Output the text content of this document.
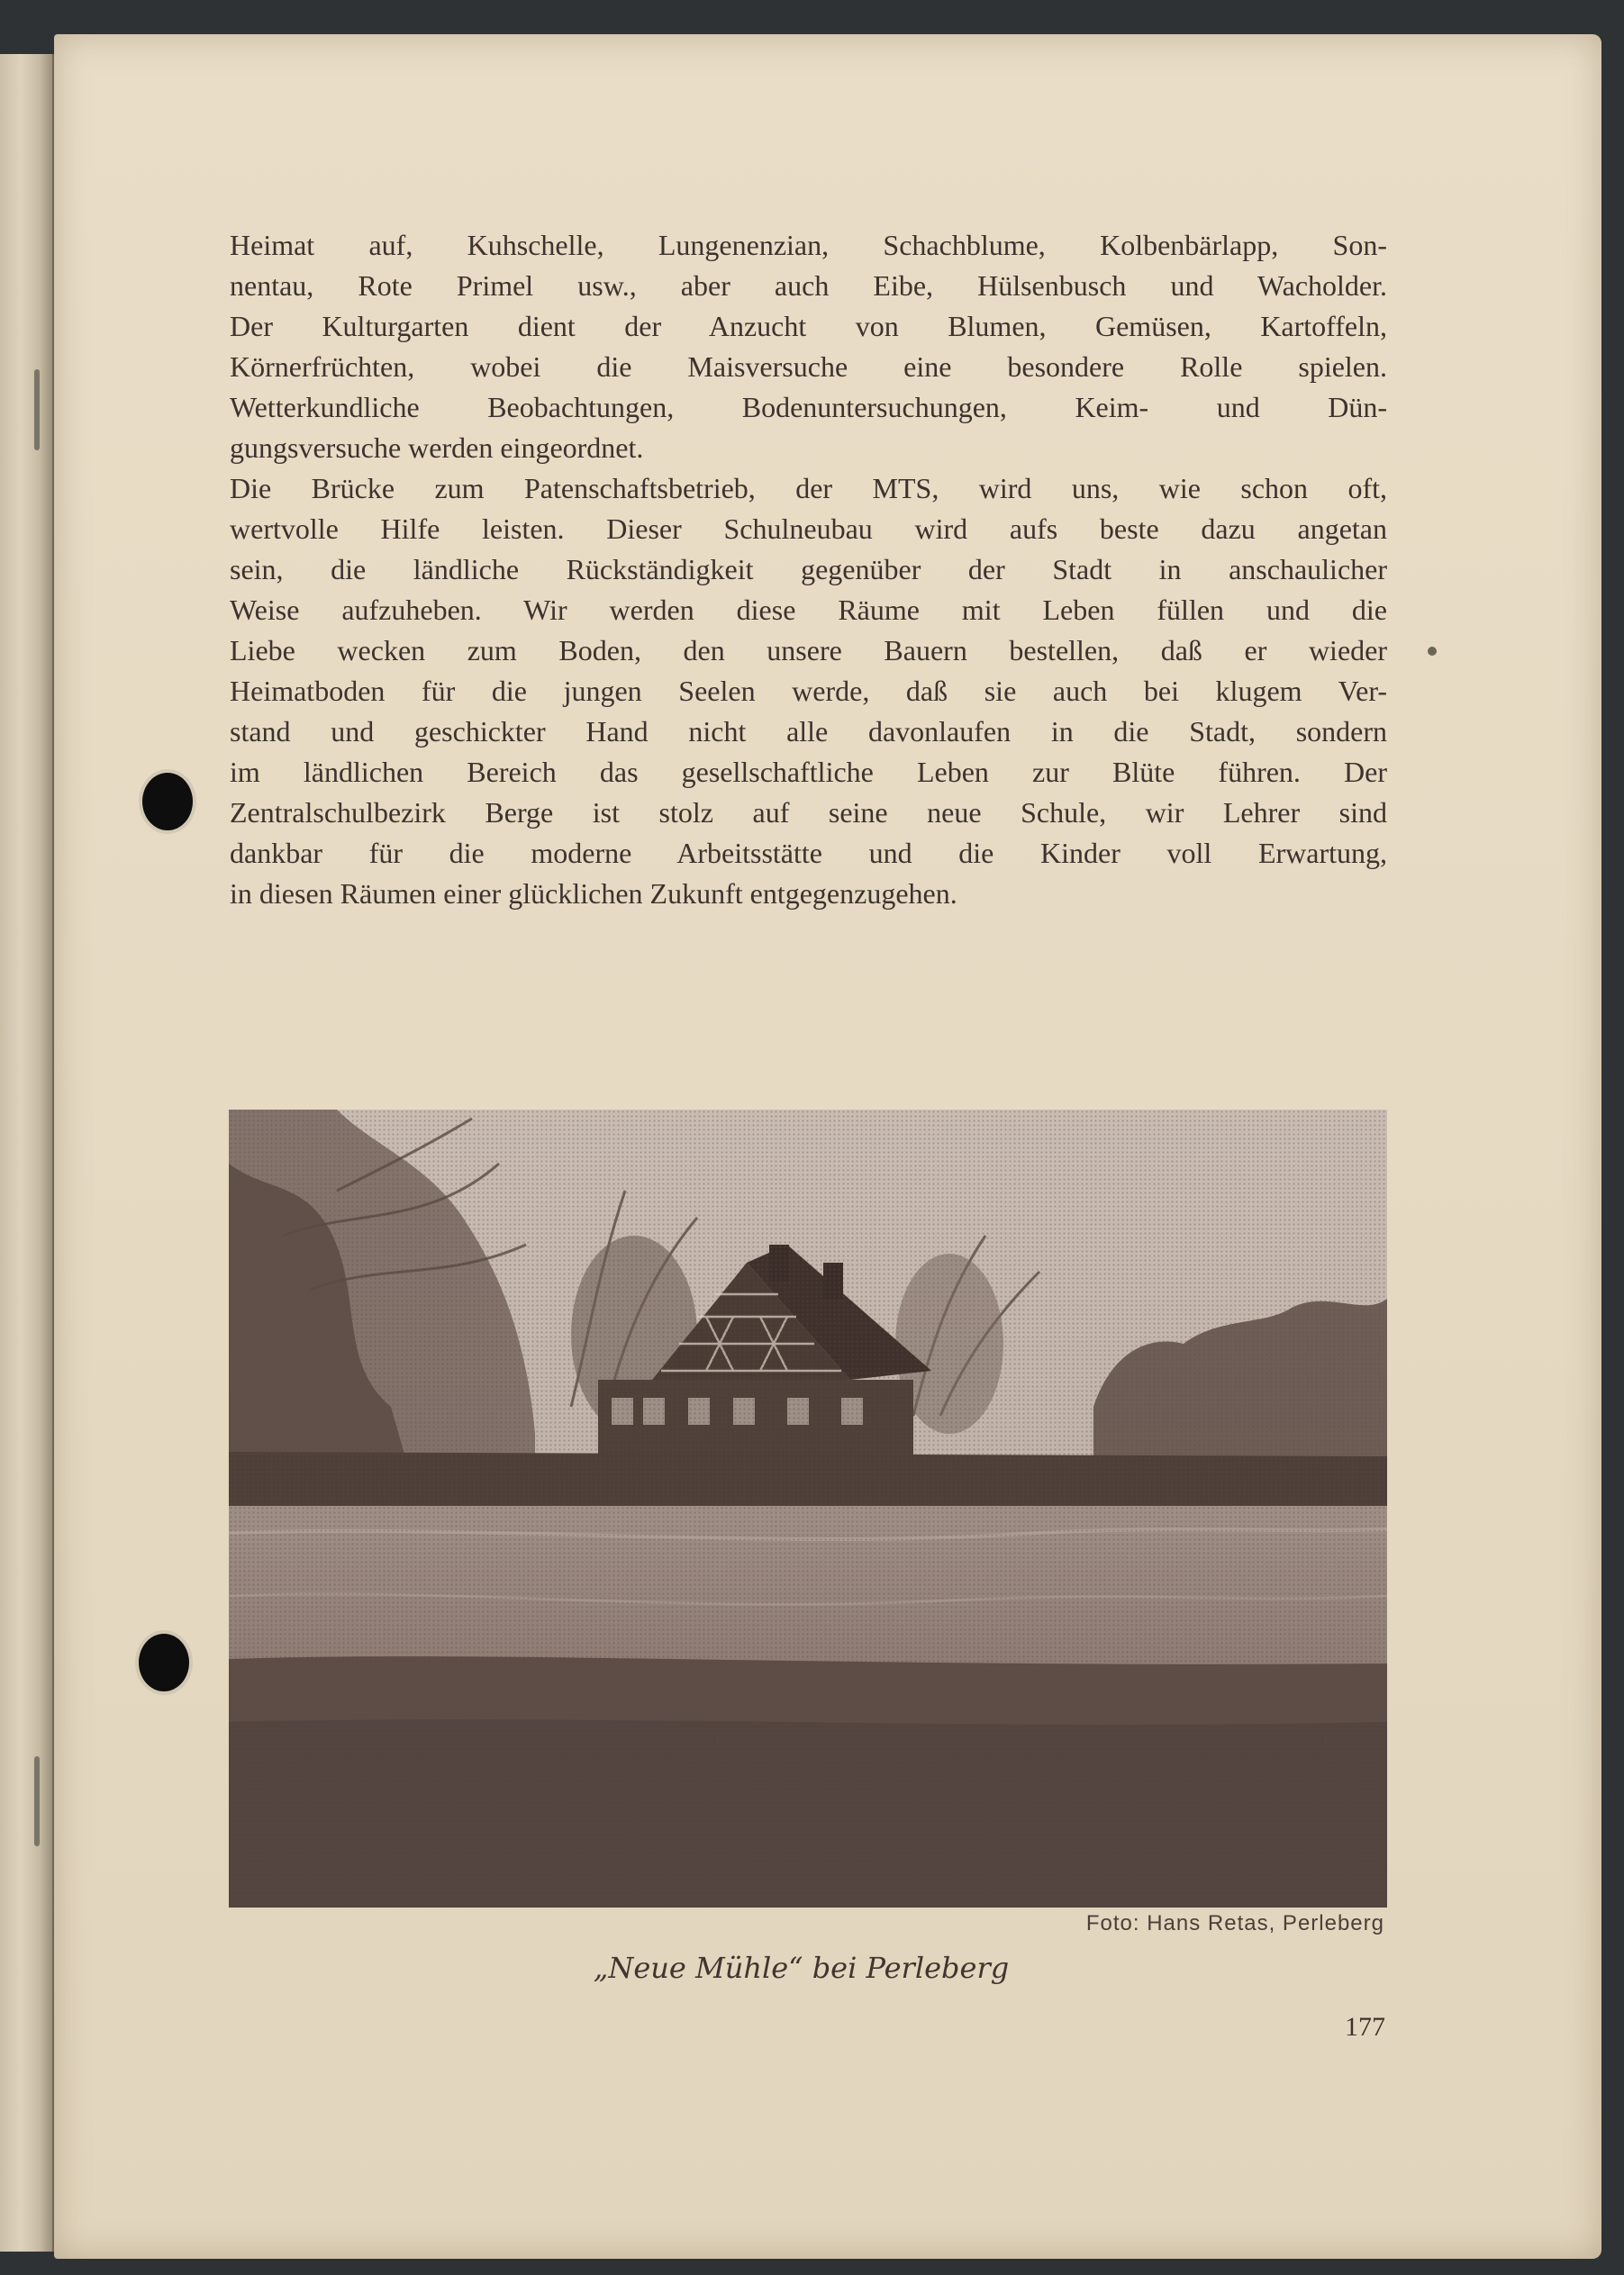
Heimat auf, Kuhschelle, Lungenenzian, Schachblume, Kolbenbärlapp, Son-
nentau, Rote Primel usw., aber auch Eibe, Hülsenbusch und Wacholder.
Der Kulturgarten dient der Anzucht von Blumen, Gemüsen, Kartoffeln,
Körnerfrüchten, wobei die Maisversuche eine besondere Rolle spielen.
Wetterkundliche Beobachtungen, Bodenuntersuchungen, Keim- und Dün-
gungsversuche werden eingeordnet.
Die Brücke zum Patenschaftsbetrieb, der MTS, wird uns, wie schon oft,
wertvolle Hilfe leisten. Dieser Schulneubau wird aufs beste dazu angetan
sein, die ländliche Rückständigkeit gegenüber der Stadt in anschaulicher
Weise aufzuheben. Wir werden diese Räume mit Leben füllen und die
Liebe wecken zum Boden, den unsere Bauern bestellen, daß er wieder
Heimatboden für die jungen Seelen werde, daß sie auch bei klugem Ver-
stand und geschickter Hand nicht alle davonlaufen in die Stadt, sondern
im ländlichen Bereich das gesellschaftliche Leben zur Blüte führen. Der
Zentralschulbezirk Berge ist stolz auf seine neue Schule, wir Lehrer sind
dankbar für die moderne Arbeitsstätte und die Kinder voll Erwartung,
in diesen Räumen einer glücklichen Zukunft entgegenzugehen.

Foto: Hans Retas, Perleberg

„Neue Mühle“ bei Perleberg

177
